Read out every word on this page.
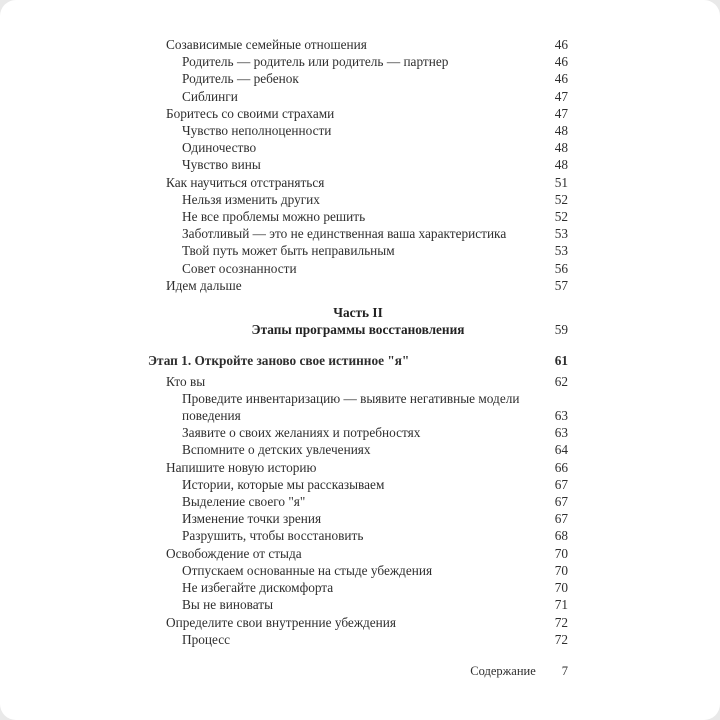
Созависимые семейные отношения	46
Родитель — родитель или родитель — партнер	46
Родитель — ребенок	46
Сиблинги	47
Боритесь со своими страхами	47
Чувство неполноценности	48
Одиночество	48
Чувство вины	48
Как научиться отстраняться	51
Нельзя изменить других	52
Не все проблемы можно решить	52
Заботливый — это не единственная ваша характеристика	53
Твой путь может быть неправильным	53
Совет осознанности	56
Идем дальше	57
Часть II
Этапы программы восстановления	59
Этап 1. Откройте заново свое истинное "я"	61
Кто вы	62
Проведите инвентаризацию — выявите негативные модели поведения	63
Заявите о своих желаниях и потребностях	63
Вспомните о детских увлечениях	64
Напишите новую историю	66
Истории, которые мы рассказываем	67
Выделение своего "я"	67
Изменение точки зрения	67
Разрушить, чтобы восстановить	68
Освобождение от стыда	70
Отпускаем основанные на стыде убеждения	70
Не избегайте дискомфорта	70
Вы не виноваты	71
Определите свои внутренние убеждения	72
Процесс	72
Содержание 7
